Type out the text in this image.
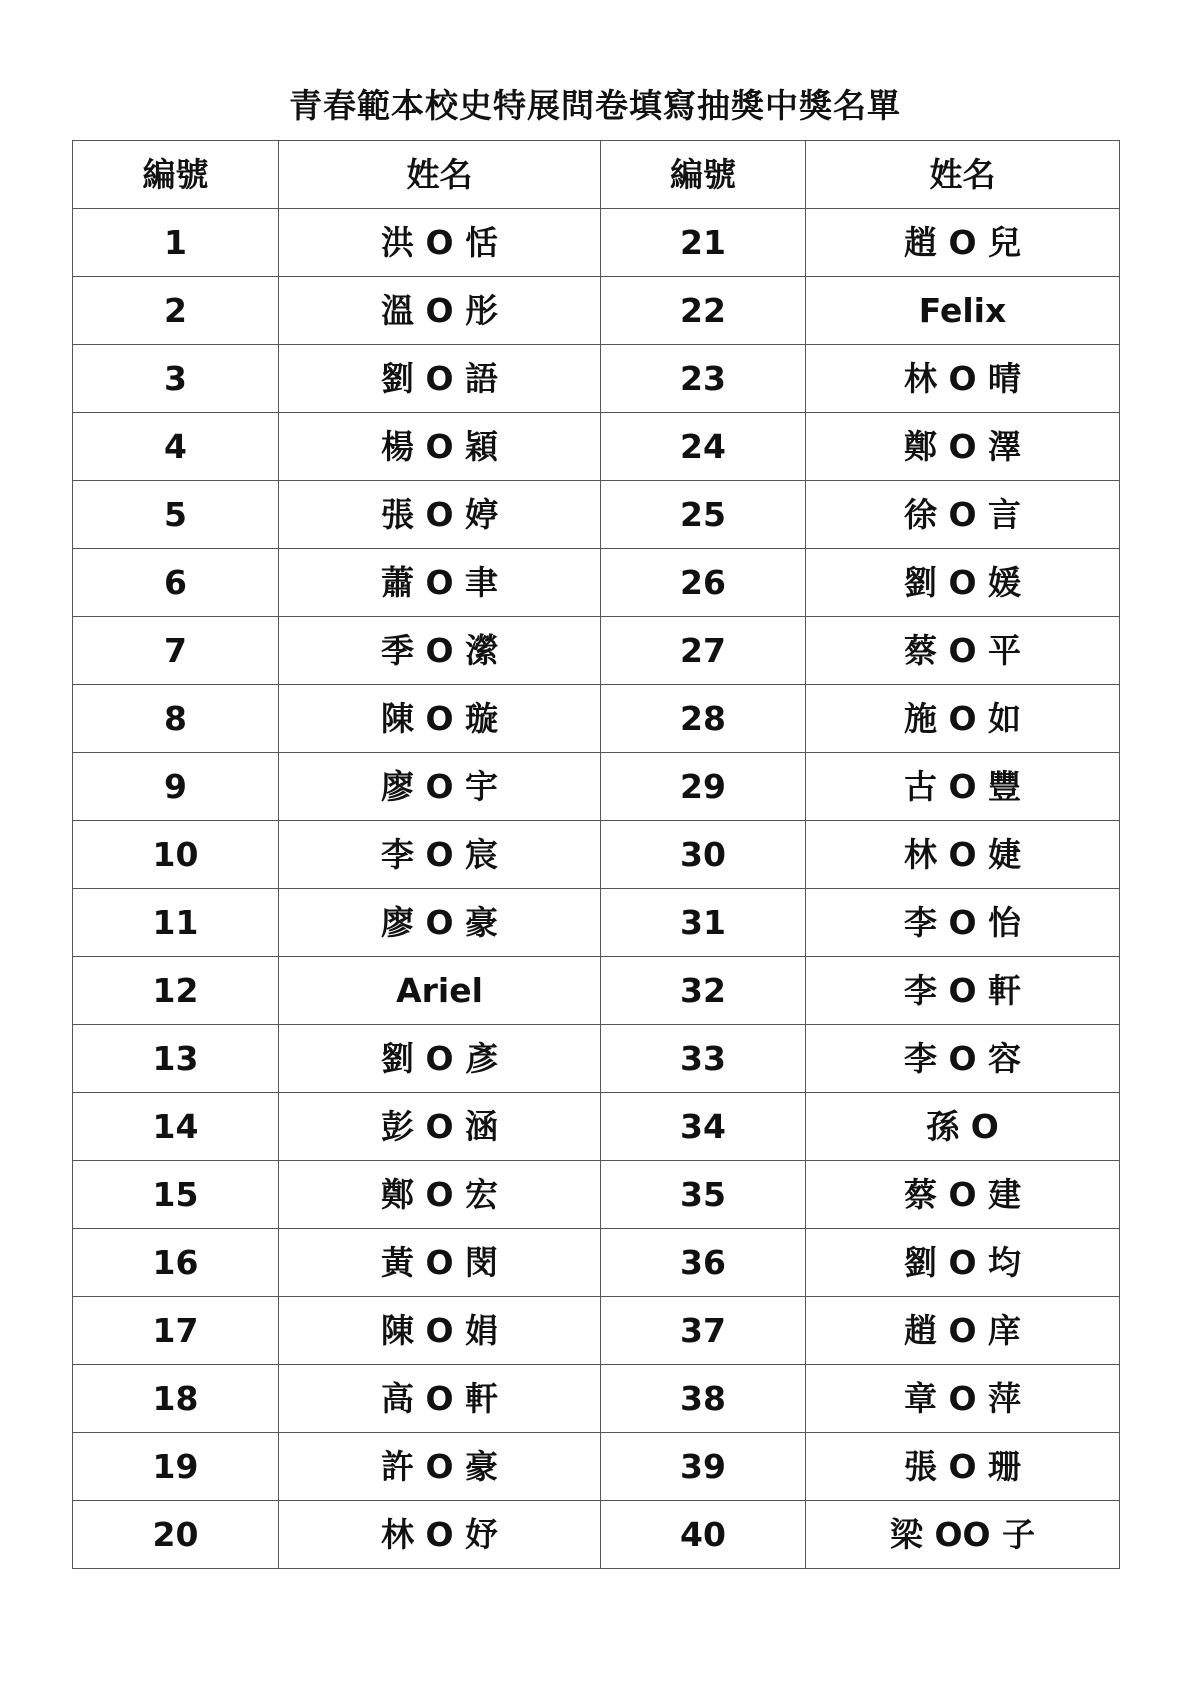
青春範本校史特展問卷填寫抽獎中獎名單
編號	姓名	編號	姓名
1	洪 O 恬	21	趙 O 兒
2	溫 O 彤	22	Felix
3	劉 O 語	23	林 O 晴
4	楊 O 穎	24	鄭 O 澤
5	張 O 婷	25	徐 O 言
6	蕭 O 聿	26	劉 O 媛
7	季 O 瀠	27	蔡 O 平
8	陳 O 璇	28	施 O 如
9	廖 O 宇	29	古 O 豐
10	李 O 宸	30	林 O 婕
11	廖 O 豪	31	李 O 怡
12	Ariel	32	李 O 軒
13	劉 O 彥	33	李 O 容
14	彭 O 涵	34	孫 O
15	鄭 O 宏	35	蔡 O 建
16	黃 O 閔	36	劉 O 均
17	陳 O 娟	37	趙 O 庠
18	高 O 軒	38	章 O 萍
19	許 O 豪	39	張 O 珊
20	林 O 妤	40	梁 OO 子
